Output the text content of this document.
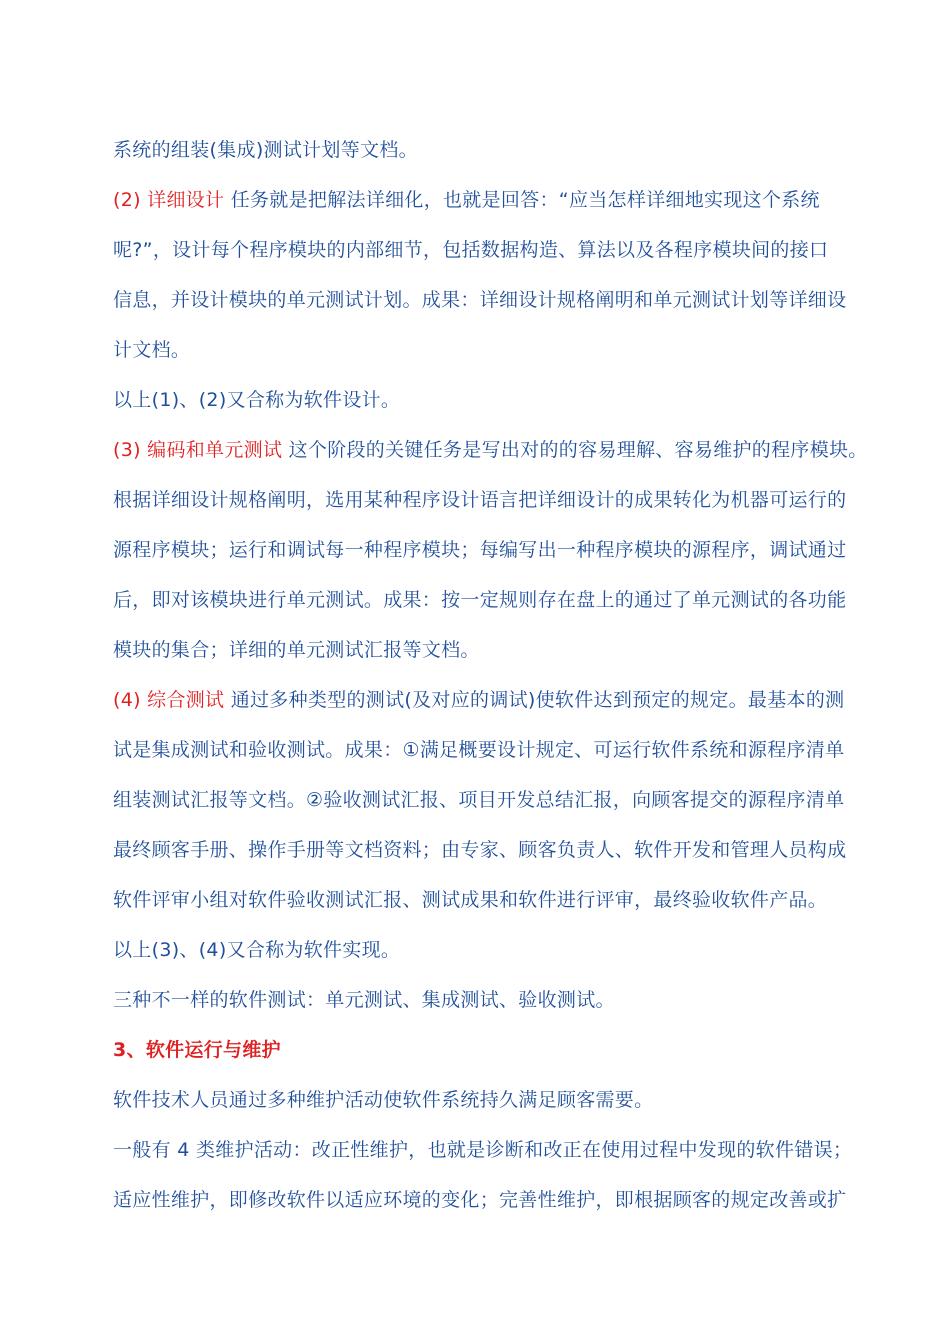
系统的组装(集成)测试计划等文档。
(2) 详细设计 任务就是把解法详细化，也就是回答：“应当怎样详细地实现这个系统
呢?”，设计每个程序模块的内部细节，包括数据构造、算法以及各程序模块间的接口
信息，并设计模块的单元测试计划。成果：详细设计规格阐明和单元测试计划等详细设
计文档。
以上(1)、(2)又合称为软件设计。
(3) 编码和单元测试 这个阶段的关键任务是写出对的的容易理解、容易维护的程序模块。
根据详细设计规格阐明，选用某种程序设计语言把详细设计的成果转化为机器可运行的
源程序模块；运行和调试每一种程序模块；每编写出一种程序模块的源程序，调试通过
后，即对该模块进行单元测试。成果：按一定规则存在盘上的通过了单元测试的各功能
模块的集合；详细的单元测试汇报等文档。
(4) 综合测试 通过多种类型的测试(及对应的调试)使软件达到预定的规定。最基本的测
试是集成测试和验收测试。成果：①满足概要设计规定、可运行软件系统和源程序清单
组装测试汇报等文档。②验收测试汇报、项目开发总结汇报，向顾客提交的源程序清单
最终顾客手册、操作手册等文档资料；由专家、顾客负责人、软件开发和管理人员构成
软件评审小组对软件验收测试汇报、测试成果和软件进行评审，最终验收软件产品。
以上(3)、(4)又合称为软件实现。
三种不一样的软件测试：单元测试、集成测试、验收测试。
3、软件运行与维护
软件技术人员通过多种维护活动使软件系统持久满足顾客需要。
一般有 4 类维护活动：改正性维护，也就是诊断和改正在使用过程中发现的软件错误；
适应性维护，即修改软件以适应环境的变化；完善性维护，即根据顾客的规定改善或扩
